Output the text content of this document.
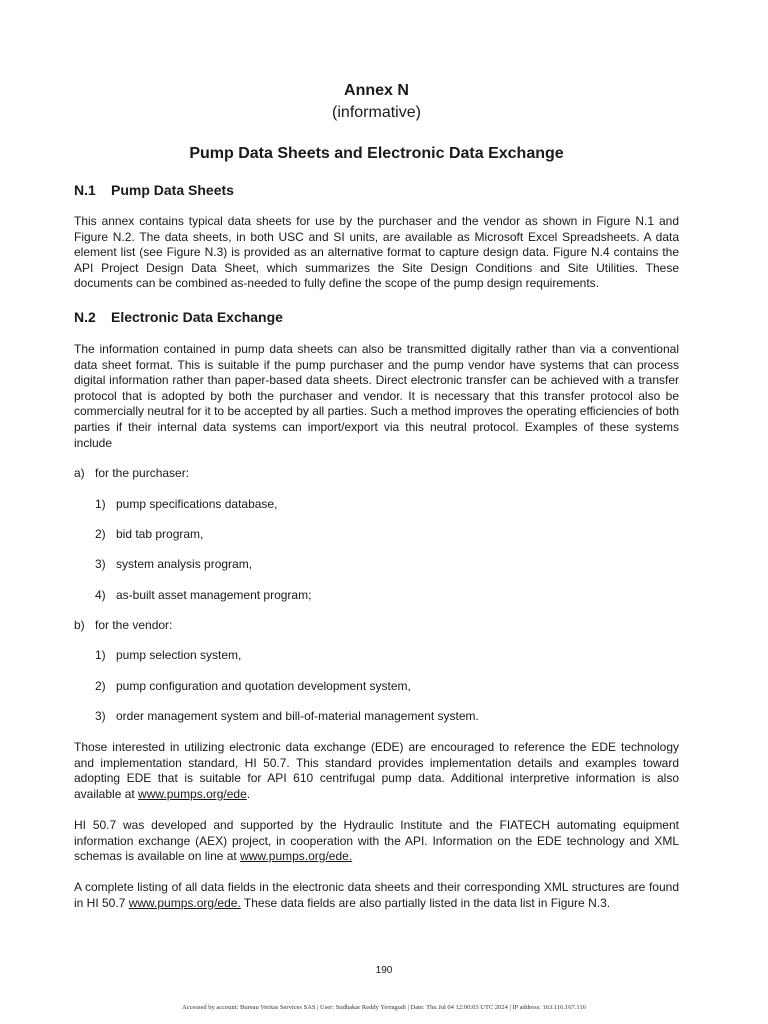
Annex N
(informative)
Pump Data Sheets and Electronic Data Exchange
N.1 Pump Data Sheets
This annex contains typical data sheets for use by the purchaser and the vendor as shown in Figure N.1 and Figure N.2. The data sheets, in both USC and SI units, are available as Microsoft Excel Spreadsheets. A data element list (see Figure N.3) is provided as an alternative format to capture design data. Figure N.4 contains the API Project Design Data Sheet, which summarizes the Site Design Conditions and Site Utilities. These documents can be combined as-needed to fully define the scope of the pump design requirements.
N.2 Electronic Data Exchange
The information contained in pump data sheets can also be transmitted digitally rather than via a conventional data sheet format. This is suitable if the pump purchaser and the pump vendor have systems that can process digital information rather than paper-based data sheets. Direct electronic transfer can be achieved with a transfer protocol that is adopted by both the purchaser and vendor. It is necessary that this transfer protocol also be commercially neutral for it to be accepted by all parties. Such a method improves the operating efficiencies of both parties if their internal data systems can import/export via this neutral protocol. Examples of these systems include
a) for the purchaser:
1) pump specifications database,
2) bid tab program,
3) system analysis program,
4) as-built asset management program;
b) for the vendor:
1) pump selection system,
2) pump configuration and quotation development system,
3) order management system and bill-of-material management system.
Those interested in utilizing electronic data exchange (EDE) are encouraged to reference the EDE technology and implementation standard, HI 50.7. This standard provides implementation details and examples toward adopting EDE that is suitable for API 610 centrifugal pump data. Additional interpretive information is also available at www.pumps.org/ede.
HI 50.7 was developed and supported by the Hydraulic Institute and the FIATECH automating equipment information exchange (AEX) project, in cooperation with the API. Information on the EDE technology and XML schemas is available on line at www.pumps.org/ede.
A complete listing of all data fields in the electronic data sheets and their corresponding XML structures are found in HI 50.7 www.pumps.org/ede. These data fields are also partially listed in the data list in Figure N.3.
190
Accessed by account: Bureau Veritas Services SAS | User: Sudhakar Reddy Yerragudi | Date: Thu Jul 04 12:00:03 UTC 2024 | IP address: 163.116.167.116
